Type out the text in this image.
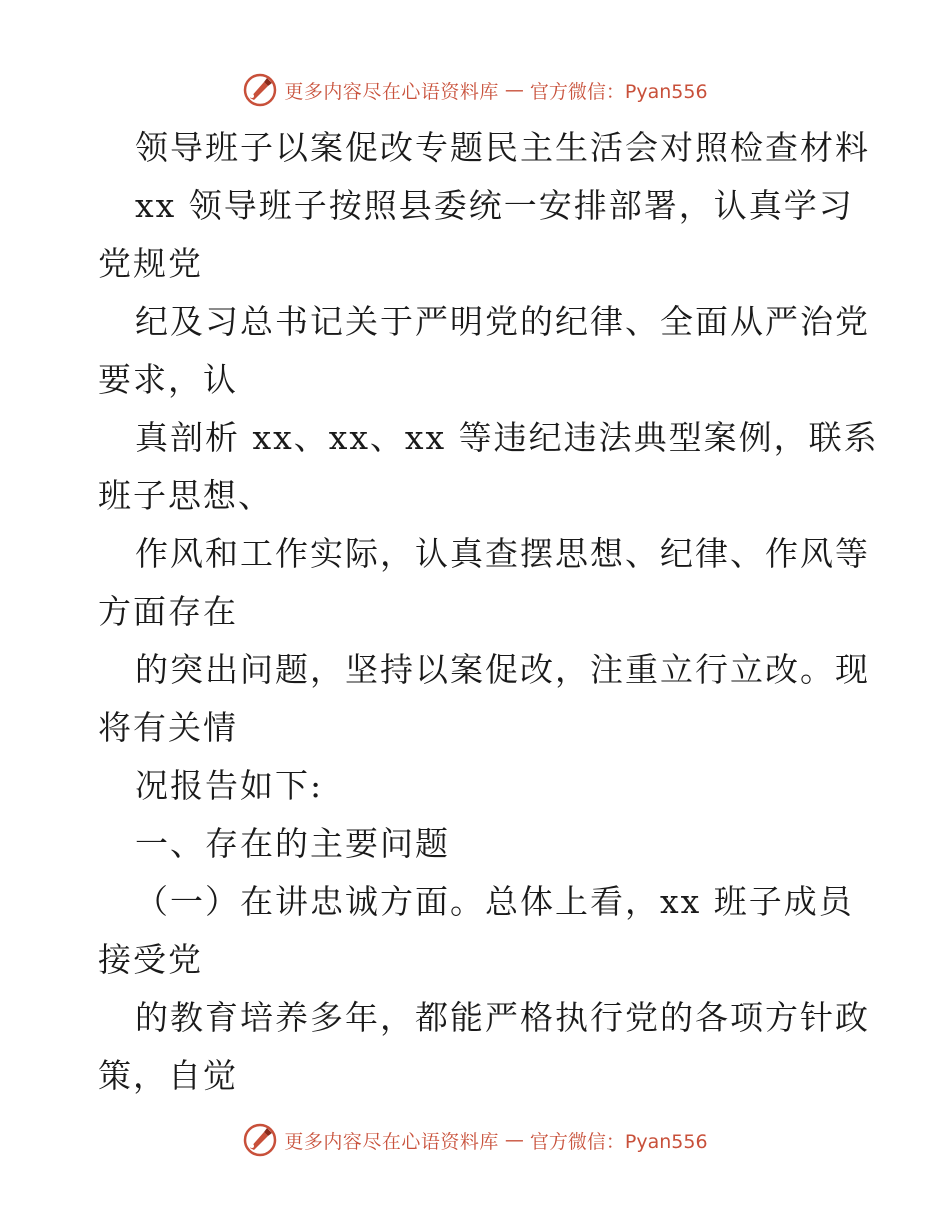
更多内容尽在心语资料库 — 官方微信：Pyan556
领导班子以案促改专题民主生活会对照检查材料
xx 领导班子按照县委统一安排部署，认真学习
党规党
纪及习总书记关于严明党的纪律、全面从严治党
要求，认
真剖析 xx、xx、xx 等违纪违法典型案例，联系
班子思想、
作风和工作实际，认真查摆思想、纪律、作风等
方面存在
的突出问题，坚持以案促改，注重立行立改。现
将有关情
况报告如下:
一、存在的主要问题
（一）在讲忠诚方面。总体上看，xx 班子成员
接受党
的教育培养多年，都能严格执行党的各项方针政
策，自觉
更多内容尽在心语资料库 — 官方微信：Pyan556
